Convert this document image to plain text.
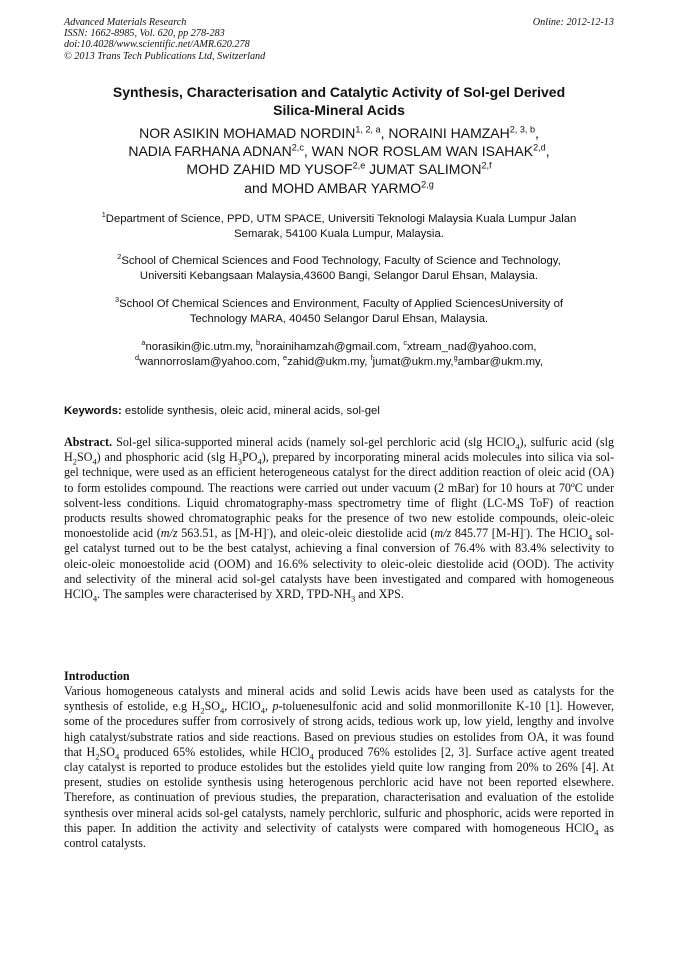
Advanced Materials Research
ISSN: 1662-8985, Vol. 620, pp 278-283
doi:10.4028/www.scientific.net/AMR.620.278
© 2013 Trans Tech Publications Ltd, Switzerland
Online: 2012-12-13
Synthesis, Characterisation and Catalytic Activity of Sol-gel Derived
Silica-Mineral Acids
NOR ASIKIN MOHAMAD NORDIN$^{1, 2, a}$, NORAINI HAMZAH$^{2, 3, b}$,
NADIA FARHANA ADNAN$^{2,c}$, WAN NOR ROSLAM WAN ISAHAK$^{2,d}$,
MOHD ZAHID MD YUSOF$^{2,e}$ JUMAT SALIMON$^{2,f}$
and MOHD AMBAR YARMO$^{2,g}$
$^1$Department of Science, PPD, UTM SPACE, Universiti Teknologi Malaysia Kuala Lumpur Jalan
Semarak, 54100 Kuala Lumpur, Malaysia.
$^2$School of Chemical Sciences and Food Technology, Faculty of Science and Technology,
Universiti Kebangsaan Malaysia,43600 Bangi, Selangor Darul Ehsan, Malaysia.
$^3$School Of Chemical Sciences and Environment, Faculty of Applied SciencesUniversity of
Technology MARA, 40450 Selangor Darul Ehsan, Malaysia.
$^a$norasikin@ic.utm.my, $^b$norainihamzah@gmail.com, $^c$xtream_nad@yahoo.com,
$^d$wannorroslam@yahoo.com, $^e$zahid@ukm.my, $^f$jumat@ukm.my,$^g$ambar@ukm.my,
Keywords: estolide synthesis, oleic acid, mineral acids, sol-gel
Abstract. Sol-gel silica-supported mineral acids (namely sol-gel perchloric acid (slg HClO$_4$), sulfuric acid (slg $H_2SO_4$) and phosphoric acid (slg $H_3PO_4$), prepared by incorporating mineral acids molecules into silica via sol-gel technique, were used as an efficient heterogeneous catalyst for the direct addition reaction of oleic acid (OA) to form estolides compound. The reactions were carried out under vacuum (2 mBar) for 10 hours at 70ºC under solvent-less conditions. Liquid chromatography-mass spectrometry time of flight (LC-MS ToF) of reaction products results showed chromatographic peaks for the presence of two new estolide compounds, oleic-oleic monoestolide acid (m/z 563.51, as [M-H]-), and oleic-oleic diestolide acid (m/z 845.77 [M-H]-). The HClO$_4$ sol-gel catalyst turned out to be the best catalyst, achieving a final conversion of 76.4% with 83.4% selectivity to oleic-oleic monoestolide acid (OOM) and 16.6% selectivity to oleic-oleic diestolide acid (OOD). The activity and selectivity of the mineral acid sol-gel catalysts have been investigated and compared with homogeneous HClO$_4$. The samples were characterised by XRD, TPD-$NH_3$ and XPS.
Introduction
Various homogeneous catalysts and mineral acids and solid Lewis acids have been used as catalysts for the synthesis of estolide, e.g $H_2SO_4$, HClO$_4$, p-toluenesulfonic acid and solid monmorillonite K-10 [1]. However, some of the procedures suffer from corrosively of strong acids, tedious work up, low yield, lengthy and involve high catalyst/substrate ratios and side reactions. Based on previous studies on estolides from OA, it was found that $H_2SO_4$ produced 65% estolides, while HClO$_4$ produced 76% estolides [2, 3]. Surface active agent treated clay catalyst is reported to produce estolides but the estolides yield quite low ranging from 20% to 26% [4]. At present, studies on estolide synthesis using heterogenous perchloric acid have not been reported elsewhere. Therefore, as continuation of previous studies, the preparation, characterisation and evaluation of the estolide synthesis over mineral acids sol-gel catalysts, namely perchloric, sulfuric and phosphoric, acids were reported in this paper. In addition the activity and selectivity of catalysts were compared with homogeneous HClO$_4$ as control catalysts.
